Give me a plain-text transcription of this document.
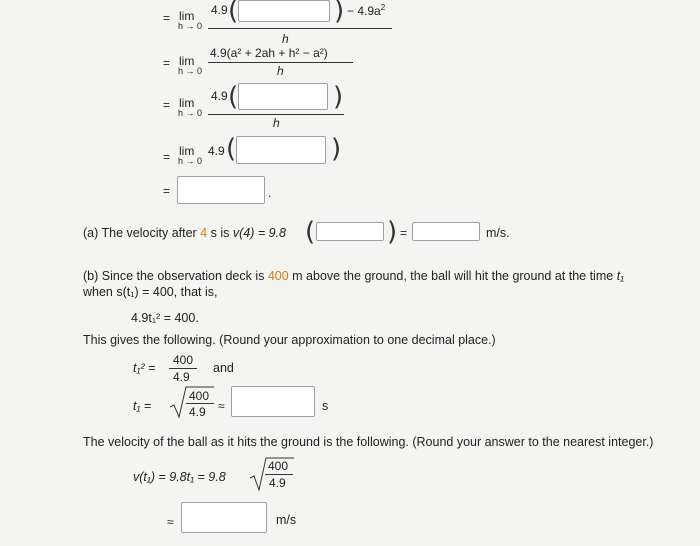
= lim
h → 0
4.9 (	) − $4.9a^2$
h
= lim
h → 0
4.9(a² + 2ah + h² − a²)
h
= lim
h → 0
4.9 (	)
h
= lim
h → 0
4.9 (	)
=	.
(a) The velocity after 4 s is v(4) = 9.8 (	) =	m/s.
(b) Since the observation deck is 400 m above the ground, the ball will hit the ground at the time t₁
when s(t₁) = 400, that is,
4.9t₁² = 400.
This gives the following. (Round your approximation to one decimal place.)
t₁² =
400
4.9
and
t₁ =
400
4.9 ≈	s
The velocity of the ball as it hits the ground is the following. (Round your answer to the nearest integer.)
v(t₁) = 9.8t₁ = 9.8
400
4.9
≈	m/s
